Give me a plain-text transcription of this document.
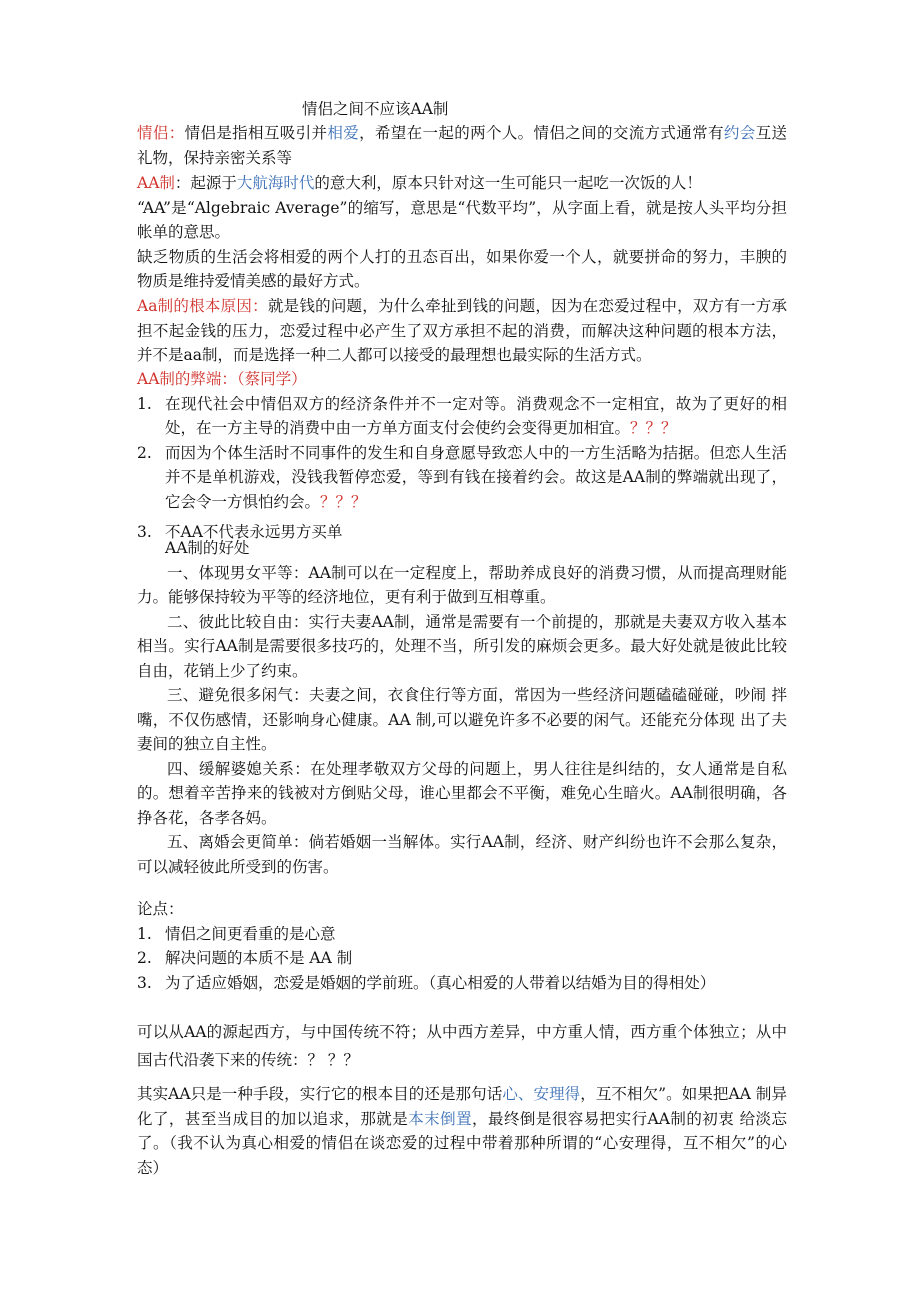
情侣之间不应该AA制
情侣：情侣是指相互吸引并相爱，希望在一起的两个人。情侣之间的交流方式通常有约会互送礼物，保持亲密关系等
AA制：起源于大航海时代的意大利，原本只针对这一生可能只一起吃一次饭的人！
“AA”是“Algebraic Average”的缩写，意思是“代数平均”，从字面上看，就是按人头平均分担帐单的意思。
缺乏物质的生活会将相爱的两个人打的丑态百出，如果你爱一个人，就要拼命的努力，丰腴的物质是维持爱情美感的最好方式。
Aa制的根本原因：就是钱的问题，为什么牵扯到钱的问题，因为在恋爱过程中，双方有一方承担不起金钱的压力，恋爱过程中必产生了双方承担不起的消费，而解决这种问题的根本方法，并不是aa制，而是选择一种二人都可以接受的最理想也最实际的生活方式。
AA制的弊端：（蔡同学）
1. 在现代社会中情侣双方的经济条件并不一定对等。消费观念不一定相宜，故为了更好的相处，在一方主导的消费中由一方单方面支付会使约会变得更加相宜。？？？
2. 而因为个体生活时不同事件的发生和自身意愿导致恋人中的一方生活略为拮据。但恋人生活并不是单机游戏，没钱我暂停恋爱，等到有钱在接着约会。故这是AA制的弊端就出现了，它会令一方惧怕约会。？？？
3. 不AA不代表永远男方买单
AA制的好处
一、体现男女平等：AA制可以在一定程度上，帮助养成良好的消费习惯，从而提高理财能力。能够保持较为平等的经济地位，更有利于做到互相尊重。
二、彼此比较自由：实行夫妻AA制，通常是需要有一个前提的，那就是夫妻双方收入基本相当。实行AA制是需要很多技巧的，处理不当，所引发的麻烦会更多。最大好处就是彼此比较自由，花销上少了约束。
三、避免很多闲气：夫妻之间，衣食住行等方面，常因为一些经济问题磕磕碰碰，吵闹 拌嘴，不仅伤感情，还影响身心健康。AA 制,可以避免许多不必要的闲气。还能充分体现 出了夫妻间的独立自主性。
四、缓解婆媳关系：在处理孝敬双方父母的问题上，男人往往是纠结的，女人通常是自私的。想着辛苦挣来的钱被对方倒贴父母，谁心里都会不平衡，难免心生暗火。AA制很明确，各挣各花，各孝各妈。
五、离婚会更简单：倘若婚姻一当解体。实行AA制，经济、财产纠纷也许不会那么复杂，可以减轻彼此所受到的伤害。
论点：
1. 情侣之间更看重的是心意
2. 解决问题的本质不是 AA 制
3. 为了适应婚姻，恋爱是婚姻的学前班。（真心相爱的人带着以结婚为目的得相处）
可以从AA的源起西方，与中国传统不符；从中西方差异，中方重人情，西方重个体独立；从中国古代沿袭下来的传统：？ ？？
其实AA只是一种手段，实行它的根本目的还是那句话心、安理得，互不相欠”。如果把AA 制异化了，甚至当成目的加以追求，那就是本末倒置，最终倒是很容易把实行AA制的初衷 给淡忘了。（我不认为真心相爱的情侣在谈恋爱的过程中带着那种所谓的“心安理得，互不相欠”的心态）
